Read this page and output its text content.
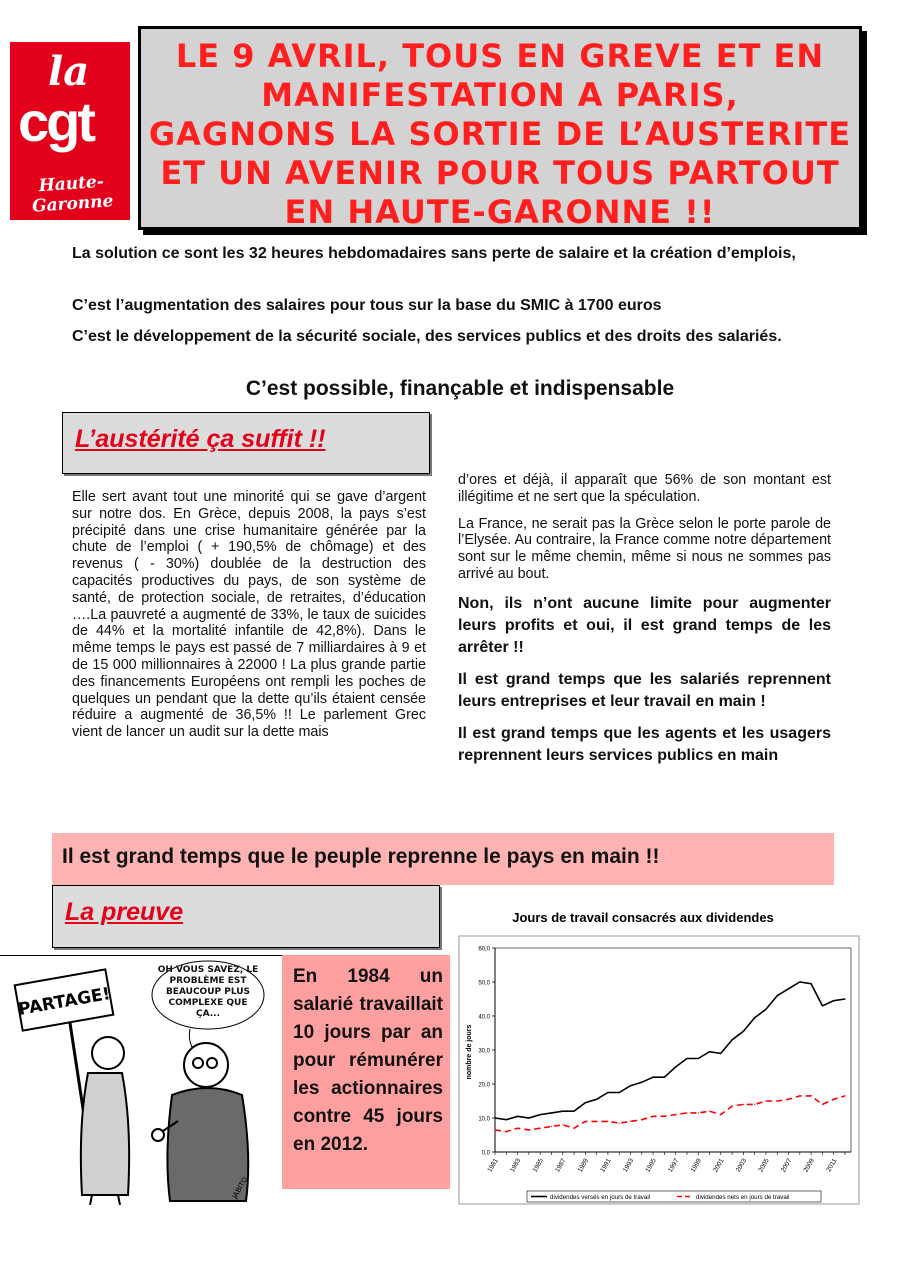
la
cgt
Haute-Garonne
LE 9 AVRIL, TOUS EN GREVE ET EN
MANIFESTATION A PARIS,
GAGNONS LA SORTIE DE L’AUSTERITE
ET UN AVENIR POUR TOUS PARTOUT
EN HAUTE-GARONNE !!
La solution ce sont les 32 heures hebdomadaires sans perte de salaire et la création d’emplois,
C’est l’augmentation des salaires pour tous sur la base du SMIC à 1700 euros
C’est le développement de la sécurité sociale, des services publics et des droits des salariés.
C’est possible, finançable et indispensable
L’austérité ça suffit !!
Elle sert avant tout une minorité qui se gave d’argent sur notre dos. En Grèce, depuis 2008, la pays s’est précipité dans une crise humanitaire générée par la chute de l’emploi ( + 190,5% de chômage) et des revenus ( - 30%) doublée de la destruction des capacités productives du pays, de son système de santé, de protection sociale, de retraites, d’éducation ….La pauvreté a augmenté de 33%, le taux de suicides de 44% et la mortalité infantile de 42,8%). Dans le même temps le pays est passé de 7 milliardaires à 9 et de 15 000 millionnaires à 22000 ! La plus grande partie des financements Européens ont rempli les poches de quelques un pendant que la dette qu’ils étaient censée réduire a augmenté de 36,5% !! Le parlement Grec vient de lancer un audit sur la dette mais

d’ores et déjà, il apparaît que 56% de son montant est illégitime et ne sert que la spéculation.

La France, ne serait pas la Grèce selon le porte parole de l’Elysée. Au contraire, la France comme notre département sont sur le même chemin, même si nous ne sommes pas arrivé au bout.

Non, ils n’ont aucune limite pour augmenter leurs profits et oui, il est grand temps de les arrêter !!

Il est grand temps que les salariés reprennent leurs entreprises et leur travail en main !

Il est grand temps que les agents et les usagers reprennent leurs services publics en main

Il est grand temps que le peuple reprenne le pays en main !!
La preuve
PARTAGE!
OH VOUS SAVEZ, LE PROBLÈME EST BEAUCOUP PLUS COMPLEXE QUE ÇA...
JABITO
En 1984 un salarié travaillait 10 jours par an pour rémunérer les actionnaires contre 45 jours en 2012.
Jours de travail consacrés aux dividendes
0,0
10,0
20,0
30,0
40,0
50,0
60,0
1981 1983 1985 1987 1989 1991 1993 1995 1997 1999 2001 2003 2005 2007 2009 2011
nombre de jours
dividendes versés en jours de travail	dividendes nets en jours de travail
